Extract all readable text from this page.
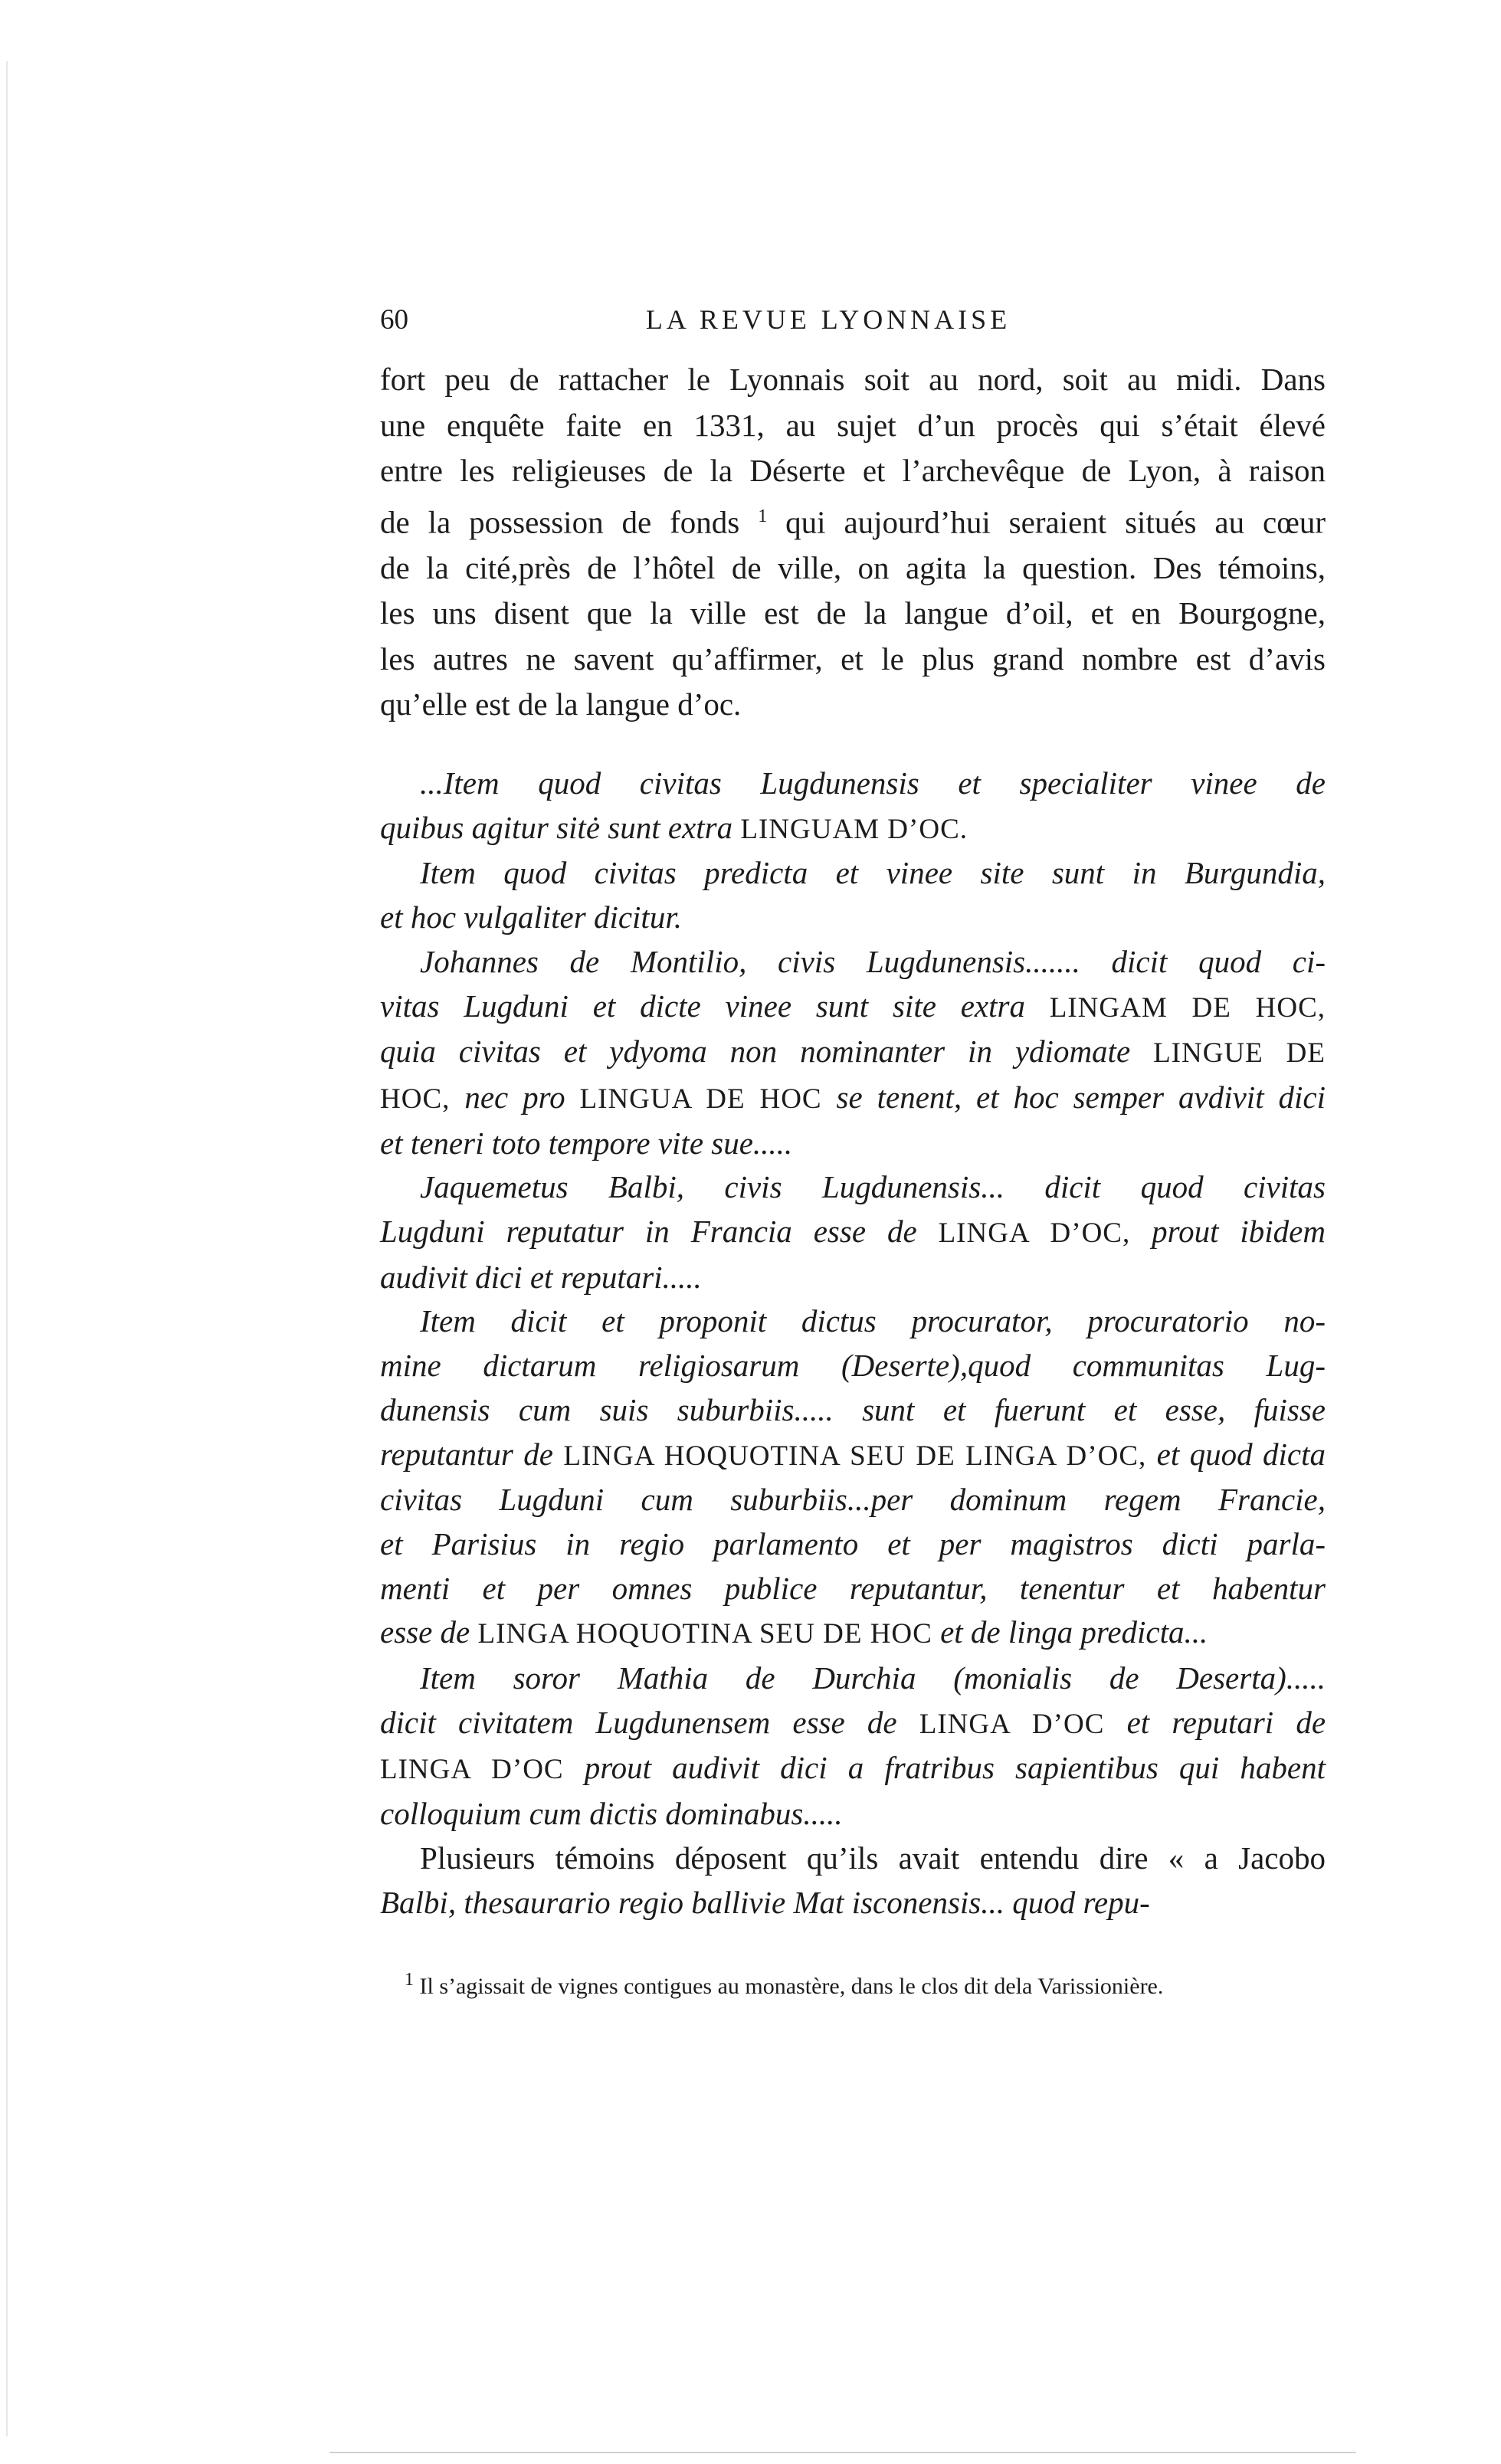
60	LA REVUE LYONNAISE
fort peu de rattacher le Lyonnais soit au nord, soit au midi. Dans
une enquête faite en 1331, au sujet d’un procès qui s’était élevé
entre les religieuses de la Déserte et l’archevêque de Lyon, à raison
de la possession de fonds $^1$ qui aujourd’hui seraient situés au cœur
de la cité,près de l’hôtel de ville, on agita la question. Des témoins,
les uns disent que la ville est de la langue d’oil, et en Bourgogne,
les autres ne savent qu’affirmer, et le plus grand nombre est d’avis
qu’elle est de la langue d’oc.
...Item quod civitas Lugdunensis et specialiter vinee de
quibus agitur sitė sunt extra LINGUAM D’OC.
Item quod civitas predicta et vinee site sunt in Burgundia,
et hoc vulgaliter dicitur.
Johannes de Montilio, civis Lugdunensis....... dicit quod ci-
vitas Lugduni et dicte vinee sunt site extra LINGAM DE HOC,
quia civitas et ydyoma non nominanter in ydiomate LINGUE DE
HOC, nec pro LINGUA DE HOC se tenent, et hoc semper avdivit dici
et teneri toto tempore vite sue.....
Jaquemetus Balbi, civis Lugdunensis... dicit quod civitas
Lugduni reputatur in Francia esse de LINGA D’OC, prout ibidem
audivit dici et reputari.....
Item dicit et proponit dictus procurator, procuratorio no-
mine dictarum religiosarum (Deserte),quod communitas Lug-
dunensis cum suis suburbiis..... sunt et fuerunt et esse, fuisse
reputantur de LINGA HOQUOTINA SEU DE LINGA D’OC, et quod dicta
civitas Lugduni cum suburbiis...per dominum regem Francie,
et Parisius in regio parlamento et per magistros dicti parla-
menti et per omnes publice reputantur, tenentur et habentur
esse de LINGA HOQUOTINA SEU DE HOC et de linga predicta...
Item soror Mathia de Durchia (monialis de Deserta).....
dicit civitatem Lugdunensem esse de LINGA D’OC et reputari de
LINGA D’OC prout audivit dici a fratribus sapientibus qui habent
colloquium cum dictis dominabus.....
Plusieurs témoins déposent qu’ils avait entendu dire « a Jacobo
Balbi, thesaurario regio ballivie Mat isconensis... quod repu-
$^1$ Il s’agissait de vignes contigues au monastère, dans le clos dit dela Varissionière.
